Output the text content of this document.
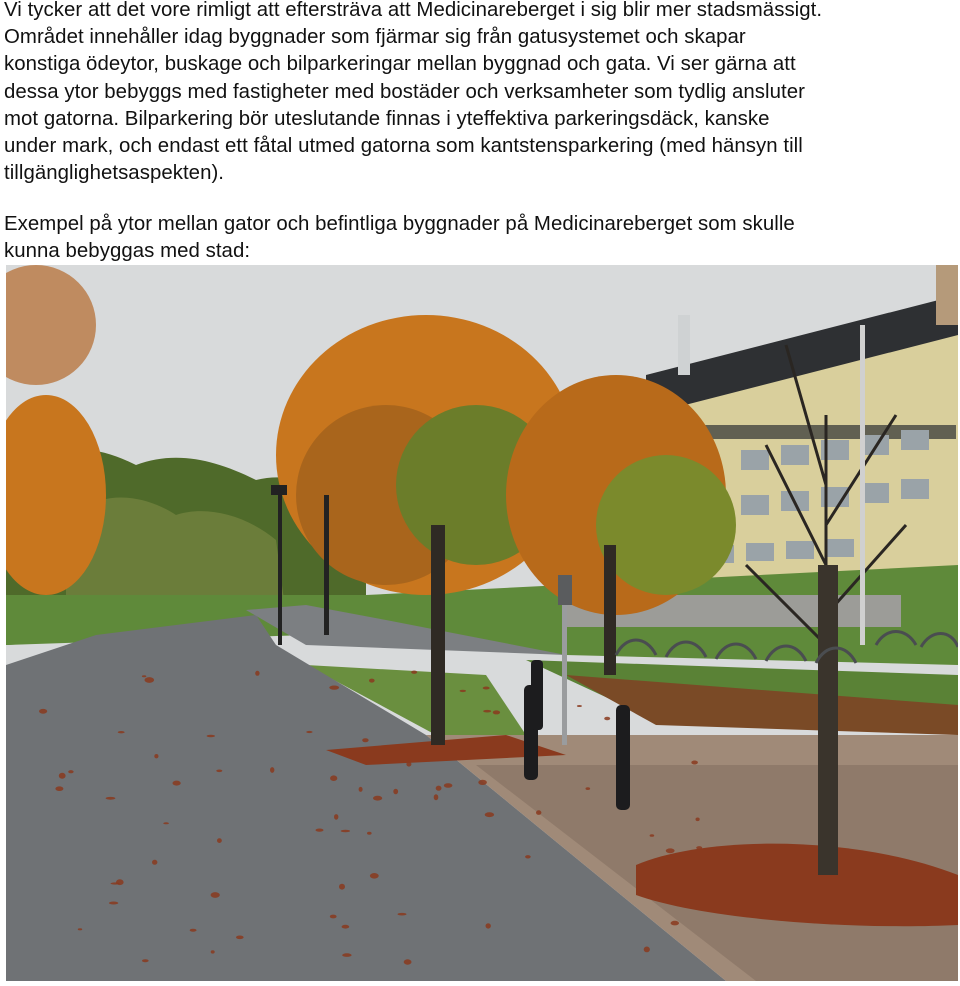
Vi tycker att det vore rimligt att eftersträva att Medicinareberget i sig blir mer stadsmässigt.
Området innehåller idag byggnader som fjärmar sig från gatusystemet och skapar
konstiga ödeytor, buskage och bilparkeringar mellan byggnad och gata. Vi ser gärna att
dessa ytor bebyggs med fastigheter med bostäder och verksamheter som tydlig ansluter
mot gatorna. Bilparkering bör uteslutande finnas i yteffektiva parkeringsdäck, kanske
under mark, och endast ett fåtal utmed gatorna som kantstensparkering (med hänsyn till
tillgänglighetsaspekten).

Exempel på ytor mellan gator och befintliga byggnader på Medicinareberget som skulle
kunna bebyggas med stad:
